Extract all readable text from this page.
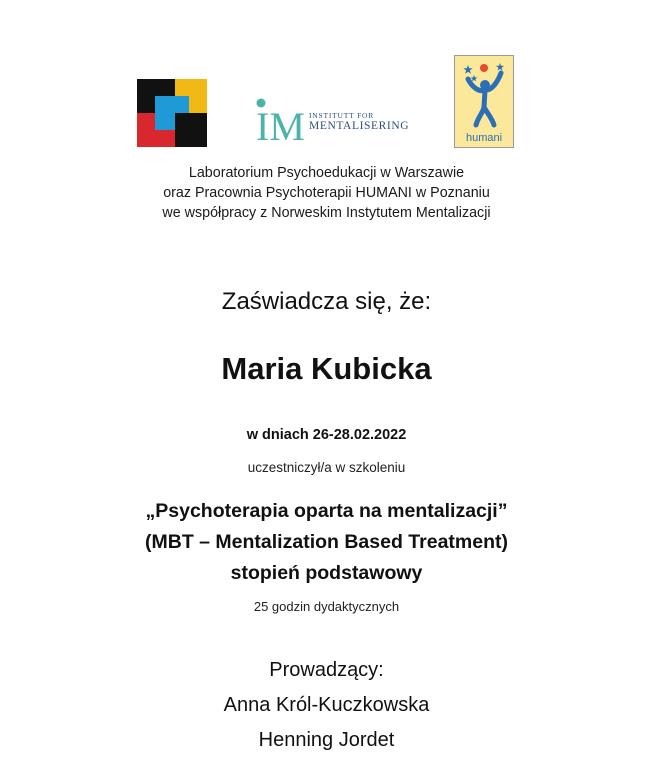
IM INSTITUTT FOR
MENTALISERING
humani
Laboratorium Psychoedukacji w Warszawie
oraz Pracownia Psychoterapii HUMANI w Poznaniu
we współpracy z Norweskim Instytutem Mentalizacji
Zaświadcza się, że:
Maria Kubicka
w dniach 26-28.02.2022
uczestniczył/a w szkoleniu
„Psychoterapia oparta na mentalizacji”
(MBT – Mentalization Based Treatment)
stopień podstawowy
25 godzin dydaktycznych
Prowadzący:
Anna Król-Kuczkowska
Henning Jordet
